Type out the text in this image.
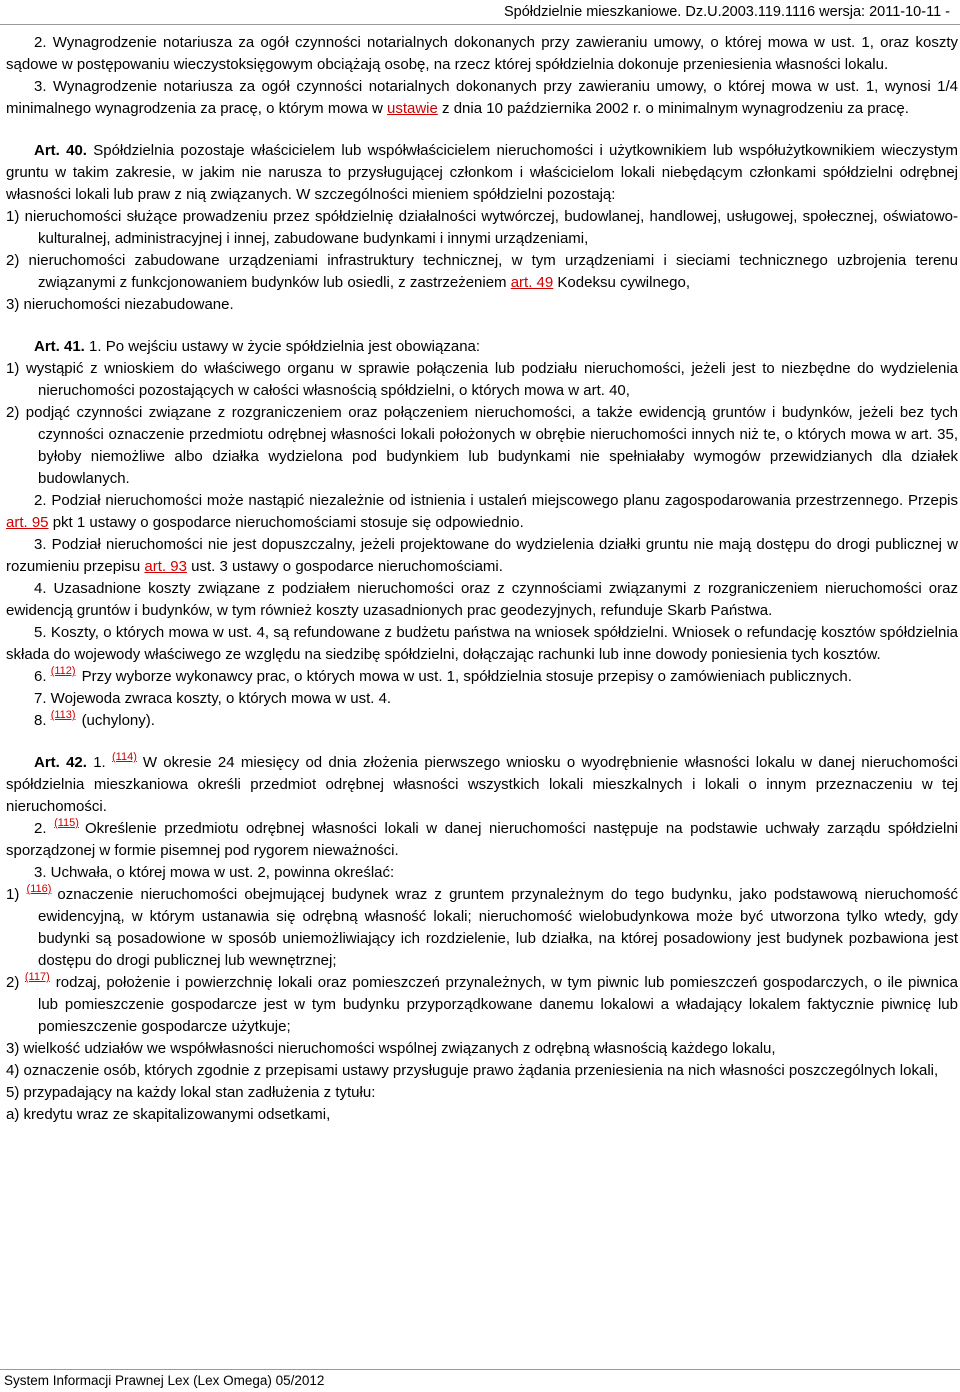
Spółdzielnie mieszkaniowe. Dz.U.2003.119.1116 wersja: 2011-10-11 -

2. Wynagrodzenie notariusza za ogół czynności notarialnych dokonanych przy zawieraniu umowy, o której mowa w ust. 1, oraz koszty sądowe w postępowaniu wieczystoksięgowym obciążają osobę, na rzecz której spółdzielnia dokonuje przeniesienia własności lokalu.

3. Wynagrodzenie notariusza za ogół czynności notarialnych dokonanych przy zawieraniu umowy, o której mowa w ust. 1, wynosi 1/4 minimalnego wynagrodzenia za pracę, o którym mowa w ustawie z dnia 10 października 2002 r. o minimalnym wynagrodzeniu za pracę.

Art. 40. Spółdzielnia pozostaje właścicielem lub współwłaścicielem nieruchomości i użytkownikiem lub współużytkownikiem wieczystym gruntu w takim zakresie, w jakim nie narusza to przysługującej członkom i właścicielom lokali niebędącym członkami spółdzielni odrębnej własności lokali lub praw z nią związanych. W szczególności mieniem spółdzielni pozostają:

1) nieruchomości służące prowadzeniu przez spółdzielnię działalności wytwórczej, budowlanej, handlowej, usługowej, społecznej, oświatowo-kulturalnej, administracyjnej i innej, zabudowane budynkami i innymi urządzeniami,

2) nieruchomości zabudowane urządzeniami infrastruktury technicznej, w tym urządzeniami i sieciami technicznego uzbrojenia terenu związanymi z funkcjonowaniem budynków lub osiedli, z zastrzeżeniem art. 49 Kodeksu cywilnego,

3) nieruchomości niezabudowane.

Art. 41. 1. Po wejściu ustawy w życie spółdzielnia jest obowiązana:

1) wystąpić z wnioskiem do właściwego organu w sprawie połączenia lub podziału nieruchomości, jeżeli jest to niezbędne do wydzielenia nieruchomości pozostających w całości własnością spółdzielni, o których mowa w art. 40,

2) podjąć czynności związane z rozgraniczeniem oraz połączeniem nieruchomości, a także ewidencją gruntów i budynków, jeżeli bez tych czynności oznaczenie przedmiotu odrębnej własności lokali położonych w obrębie nieruchomości innych niż te, o których mowa w art. 35, byłoby niemożliwe albo działka wydzielona pod budynkiem lub budynkami nie spełniałaby wymogów przewidzianych dla działek budowlanych.

2. Podział nieruchomości może nastąpić niezależnie od istnienia i ustaleń miejscowego planu zagospodarowania przestrzennego. Przepis art. 95 pkt 1 ustawy o gospodarce nieruchomościami stosuje się odpowiednio.

3. Podział nieruchomości nie jest dopuszczalny, jeżeli projektowane do wydzielenia działki gruntu nie mają dostępu do drogi publicznej w rozumieniu przepisu art. 93 ust. 3 ustawy o gospodarce nieruchomościami.

4. Uzasadnione koszty związane z podziałem nieruchomości oraz z czynnościami związanymi z rozgraniczeniem nieruchomości oraz ewidencją gruntów i budynków, w tym również koszty uzasadnionych prac geodezyjnych, refunduje Skarb Państwa.

5. Koszty, o których mowa w ust. 4, są refundowane z budżetu państwa na wniosek spółdzielni. Wniosek o refundację kosztów spółdzielnia składa do wojewody właściwego ze względu na siedzibę spółdzielni, dołączając rachunki lub inne dowody poniesienia tych kosztów.

6. $^{(112)}$ Przy wyborze wykonawcy prac, o których mowa w ust. 1, spółdzielnia stosuje przepisy o zamówieniach publicznych.

7. Wojewoda zwraca koszty, o których mowa w ust. 4.

8. $^{(113)}$ (uchylony).

Art. 42. 1. $^{(114)}$ W okresie 24 miesięcy od dnia złożenia pierwszego wniosku o wyodrębnienie własności lokalu w danej nieruchomości spółdzielnia mieszkaniowa określi przedmiot odrębnej własności wszystkich lokali mieszkalnych i lokali o innym przeznaczeniu w tej nieruchomości.

2. $^{(115)}$ Określenie przedmiotu odrębnej własności lokali w danej nieruchomości następuje na podstawie uchwały zarządu spółdzielni sporządzonej w formie pisemnej pod rygorem nieważności.

3. Uchwała, o której mowa w ust. 2, powinna określać:

1) $^{(116)}$ oznaczenie nieruchomości obejmującej budynek wraz z gruntem przynależnym do tego budynku, jako podstawową nieruchomość ewidencyjną, w którym ustanawia się odrębną własność lokali; nieruchomość wielobudynkowa może być utworzona tylko wtedy, gdy budynki są posadowione w sposób uniemożliwiający ich rozdzielenie, lub działka, na której posadowiony jest budynek pozbawiona jest dostępu do drogi publicznej lub wewnętrznej;

2) $^{(117)}$ rodzaj, położenie i powierzchnię lokali oraz pomieszczeń przynależnych, w tym piwnic lub pomieszczeń gospodarczych, o ile piwnica lub pomieszczenie gospodarcze jest w tym budynku przyporządkowane danemu lokalowi a władający lokalem faktycznie piwnicę lub pomieszczenie gospodarcze użytkuje;

3) wielkość udziałów we współwłasności nieruchomości wspólnej związanych z odrębną własnością każdego lokalu,

4) oznaczenie osób, których zgodnie z przepisami ustawy przysługuje prawo żądania przeniesienia na nich własności poszczególnych lokali,

5) przypadający na każdy lokal stan zadłużenia z tytułu:

a) kredytu wraz ze skapitalizowanymi odsetkami,

System Informacji Prawnej Lex (Lex Omega) 05/2012
